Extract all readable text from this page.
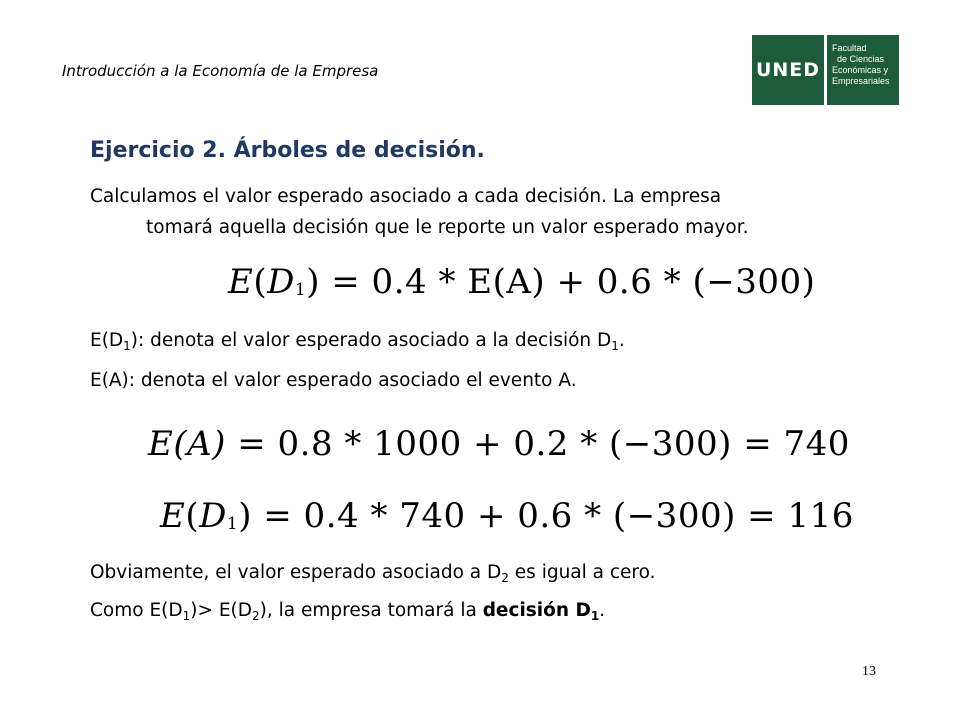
Introducción a la Economía de la Empresa	UNED
Facultad
de Ciencias
Económicas y
Empresariales
Ejercicio 2. Árboles de decisión.
Calculamos el valor esperado asociado a cada decisión. La empresa
tomará aquella decisión que le reporte un valor esperado mayor.
$E(D_1) = 0.4 * E(A) + 0.6 * (-300)$
$E(D_1)$: denota el valor esperado asociado a la decisión $D_1$.
E(A): denota el valor esperado asociado el evento A.
E(A) = 0.8 * 1000 + 0.2 * (−300) = 740
$E(D_1) = 0.4 * 740 + 0.6 * (-300) = 116$
Obviamente, el valor esperado asociado a $D_2$ es igual a cero.
Como $E(D_1)> E(D_2)$, la empresa tomará la decisión $D_1$.
13
